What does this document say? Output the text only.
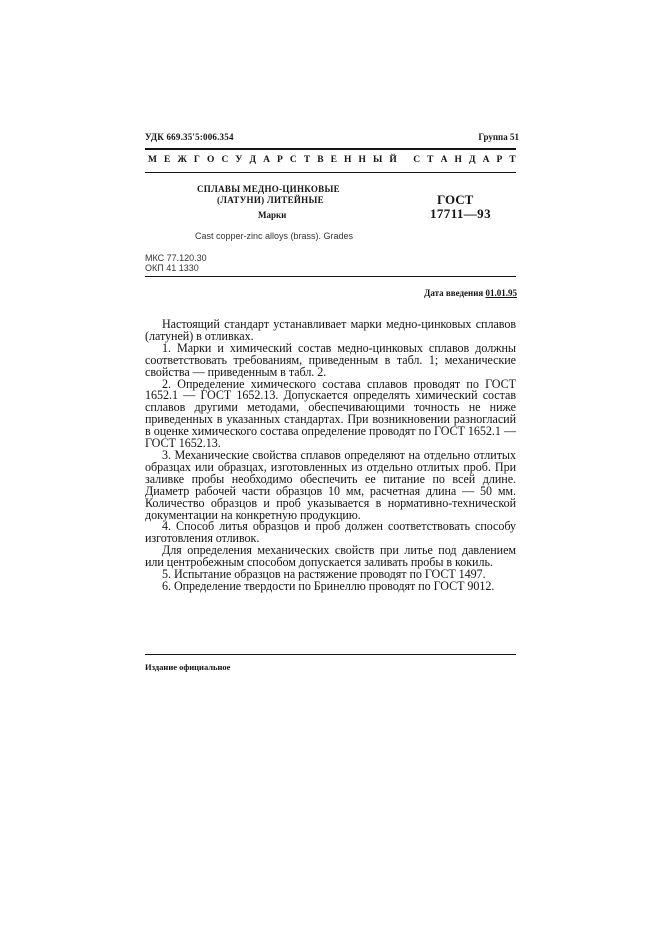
УДК 669.35'5:006.354	Группа 51
М Е Ж Г О С У Д А Р С Т В Е Н Н Ы Й
С Т А Н Д А Р Т
СПЛАВЫ МЕДНО-ЦИНКОВЫЕ
(ЛАТУНИ) ЛИТЕЙНЫЕ
Марки
ГОСТ
17711—93
Cast copper-zinc alloys (brass). Grades
МКС 77.120.30
ОКП 41 1330
Дата введения 01.01.95

Настоящий стандарт устанавливает марки медно-цинковых сплавов (латуней) в отливках.

1. Марки и химический состав медно-цинковых сплавов должны соответствовать требованиям, приведенным в табл. 1; механические свойства — приведенным в табл. 2.

2. Определение химического состава сплавов проводят по ГОСТ 1652.1 — ГОСТ 1652.13. Допускается определять химический состав сплавов другими методами, обеспечивающими точность не ниже приведенных в указанных стандартах. При возникновении разногласий в оценке химического состава определение проводят по ГОСТ 1652.1 — ГОСТ 1652.13.

3. Механические свойства сплавов определяют на отдельно отлитых образцах или образцах, изготовленных из отдельно отлитых проб. При заливке пробы необходимо обеспечить ее питание по всей длине. Диаметр рабочей части образцов 10 мм, расчетная длина — 50 мм. Количество образцов и проб указывается в нормативно-технической документации на конкретную продукцию.

4. Способ литья образцов и проб должен соответствовать способу изготовления отливок.

Для определения механических свойств при литье под давлением или центробежным способом допускается заливать пробы в кокиль.

5. Испытание образцов на растяжение проводят по ГОСТ 1497.

6. Определение твердости по Бринеллю проводят по ГОСТ 9012.

Издание официальное
